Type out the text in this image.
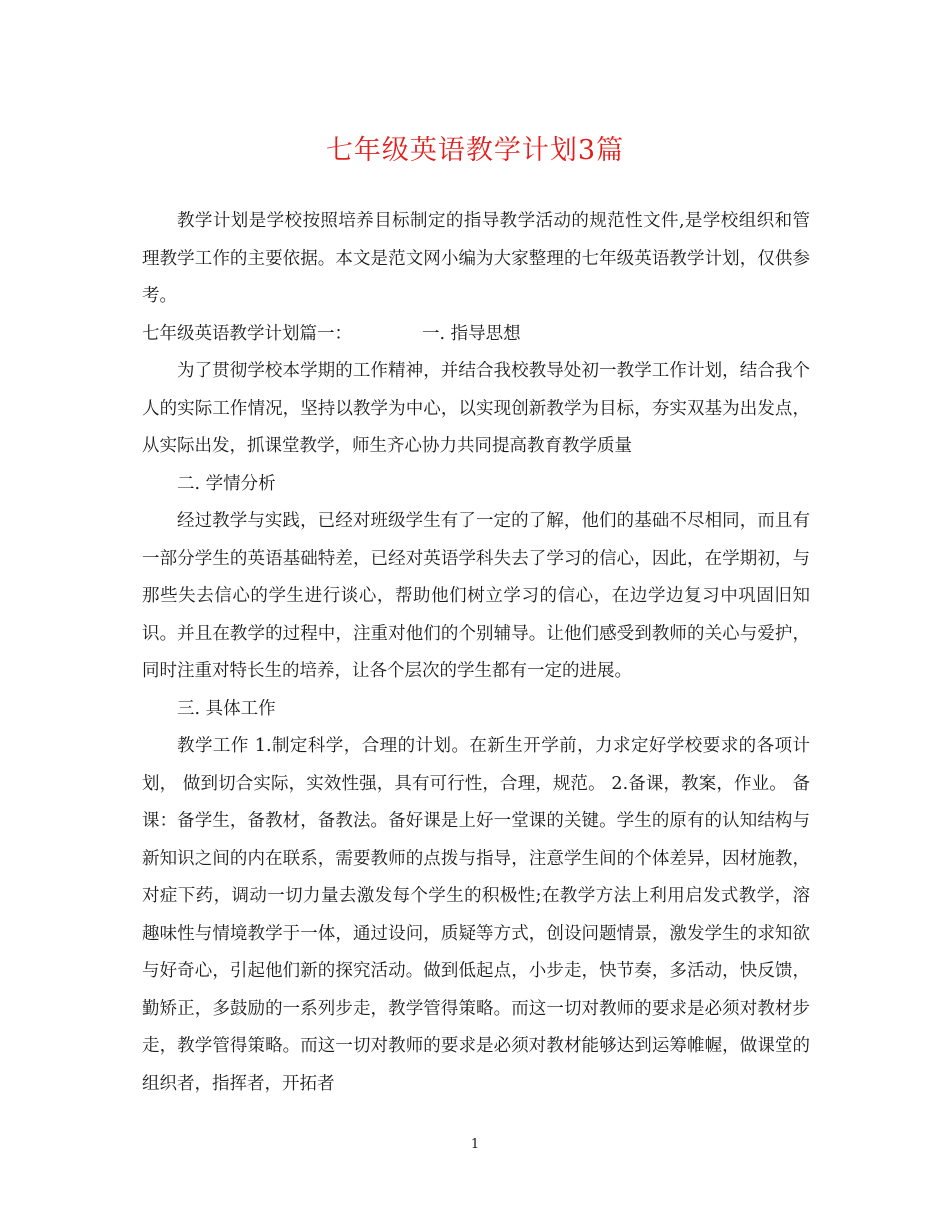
七年级英语教学计划3篇

教学计划是学校按照培养目标制定的指导教学活动的规范性文件,是学校组织和管理教学工作的主要依据。本文是范文网小编为大家整理的七年级英语教学计划，仅供参考。

七年级英语教学计划篇一：	一. 指导思想

为了贯彻学校本学期的工作精神，并结合我校教导处初一教学工作计划，结合我个人的实际工作情况，坚持以教学为中心，以实现创新教学为目标，夯实双基为出发点，从实际出发，抓课堂教学，师生齐心协力共同提高教育教学质量

二. 学情分析

经过教学与实践，已经对班级学生有了一定的了解，他们的基础不尽相同，而且有一部分学生的英语基础特差，已经对英语学科失去了学习的信心，因此，在学期初，与那些失去信心的学生进行谈心，帮助他们树立学习的信心，在边学边复习中巩固旧知识。并且在教学的过程中，注重对他们的个别辅导。让他们感受到教师的关心与爱护，同时注重对特长生的培养，让各个层次的学生都有一定的进展。

三. 具体工作

教学工作 1.制定科学，合理的计划。在新生开学前，力求定好学校要求的各项计划， 做到切合实际，实效性强，具有可行性，合理，规范。 2.备课，教案，作业。 备课：备学生，备教材，备教法。备好课是上好一堂课的关键。学生的原有的认知结构与新知识之间的内在联系，需要教师的点拨与指导，注意学生间的个体差异，因材施教，对症下药，调动一切力量去激发每个学生的积极性;在教学方法上利用启发式教学，溶趣味性与情境教学于一体，通过设问，质疑等方式，创设问题情景，激发学生的求知欲与好奇心，引起他们新的探究活动。做到低起点，小步走，快节奏，多活动，快反馈，勤矫正，多鼓励的一系列步走，教学管得策略。而这一切对教师的要求是必须对教材步走，教学管得策略。而这一切对教师的要求是必须对教材能够达到运筹帷幄，做课堂的组织者，指挥者，开拓者

1
